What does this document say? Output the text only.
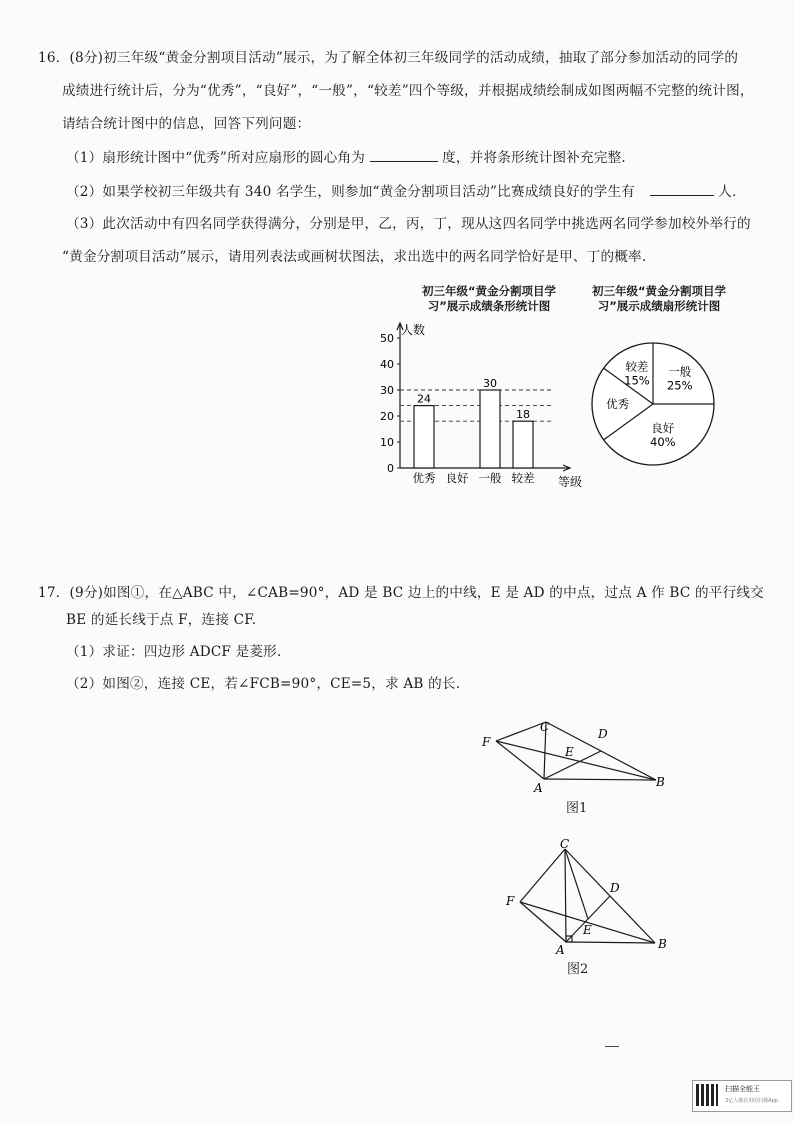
16．(8分)初三年级“黄金分割项目活动”展示，为了解全体初三年级同学的活动成绩，抽取了部分参加活动的同学的
成绩进行统计后，分为“优秀”，“良好”，“一般”，“较差”四个等级，并根据成绩绘制成如图两幅不完整的统计图，
请结合统计图中的信息，回答下列问题：
（1）扇形统计图中“优秀”所对应扇形的圆心角为	度，并将条形统计图补充完整.
（2）如果学校初三年级共有 340 名学生，则参加“黄金分割项目活动”比赛成绩良好的学生有	人.
（3）此次活动中有四名同学获得满分，分别是甲，乙，丙，丁，现从这四名同学中挑选两名同学参加校外举行的
“黄金分割项目活动”展示，请用列表法或画树状图法，求出选中的两名同学恰好是甲、丁的概率.
初三年级“黄金分割项目学
习”展示成绩条形统计图
初三年级“黄金分割项目学
习”展示成绩扇形统计图
人数
等级
0
10
20
30
40
50
24
优秀 良好
30
一般
18
较差
一般
25%
良好
40%
优秀
较差
15%
17．(9分)如图①，在△ABC 中，∠CAB=90°，AD 是 BC 边上的中线，E 是 AD 的中点，过点 A 作 BC 的平行线交
BE 的延长线于点 F，连接 CF.
（1）求证：四边形 ADCF 是菱形.
（2）如图②，连接 CE，若∠FCB=90°，CE=5，求 AB 的长.
C	D
E
F
A	B
图1
C
D
E
F
A	B
图2
扫描全能王
3亿人都在用的扫描App
